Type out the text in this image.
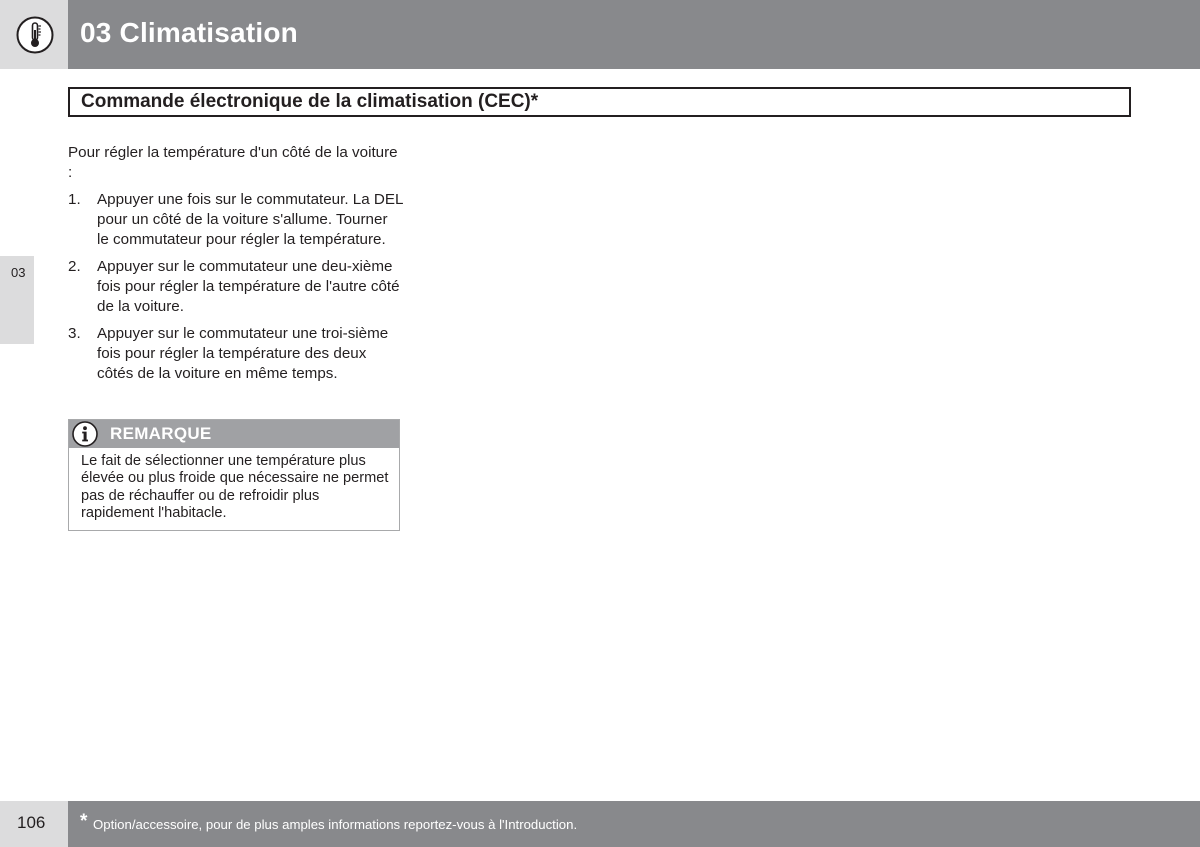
03 Climatisation
Commande électronique de la climatisation (CEC)*
03

Pour régler la température d'un côté de la voiture :

1. Appuyer une fois sur le commutateur. La DEL pour un côté de la voiture s'allume. Tourner le commutateur pour régler la température.
2. Appuyer sur le commutateur une deu-xième fois pour régler la température de l'autre côté de la voiture.
3. Appuyer sur le commutateur une troi-sième fois pour régler la température des deux côtés de la voiture en même temps.
REMARQUE

Le fait de sélectionner une température plus élevée ou plus froide que nécessaire ne permet pas de réchauffer ou de refroidir plus rapidement l'habitacle.

106 * Option/accessoire, pour de plus amples informations reportez-vous à l'Introduction.
